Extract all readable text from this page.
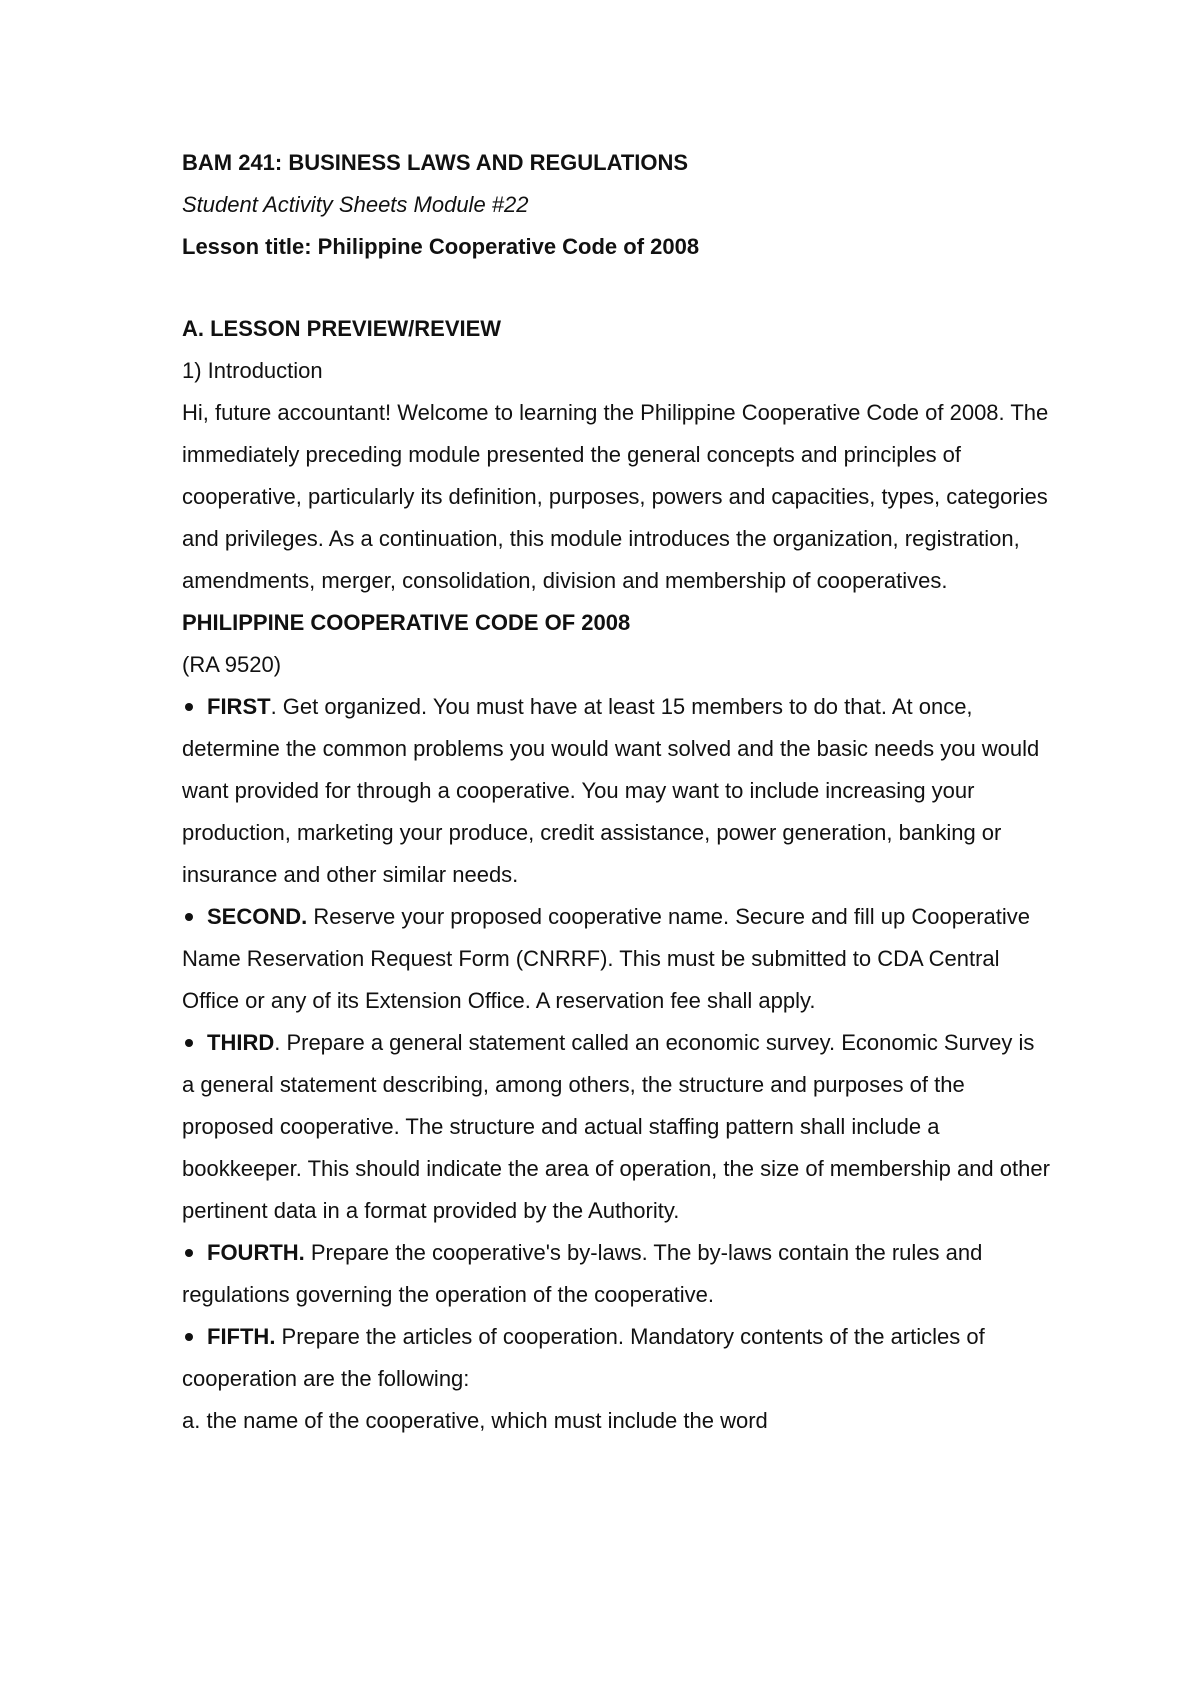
BAM 241: BUSINESS LAWS AND REGULATIONS

Student Activity Sheets Module #22

Lesson title: Philippine Cooperative Code of 2008

A. LESSON PREVIEW/REVIEW

1) Introduction

Hi, future accountant! Welcome to learning the Philippine Cooperative Code of 2008. The immediately preceding module presented the general concepts and principles of cooperative, particularly its definition, purposes, powers and capacities, types, categories and privileges. As a continuation, this module introduces the organization, registration, amendments, merger, consolidation, division and membership of cooperatives.

PHILIPPINE COOPERATIVE CODE OF 2008

(RA 9520)

FIRST. Get organized. You must have at least 15 members to do that. At once, determine the common problems you would want solved and the basic needs you would want provided for through a cooperative. You may want to include increasing your production, marketing your produce, credit assistance, power generation, banking or insurance and other similar needs.

SECOND. Reserve your proposed cooperative name. Secure and fill up Cooperative Name Reservation Request Form (CNRRF). This must be submitted to CDA Central Office or any of its Extension Office. A reservation fee shall apply.

THIRD. Prepare a general statement called an economic survey. Economic Survey is a general statement describing, among others, the structure and purposes of the proposed cooperative. The structure and actual staffing pattern shall include a bookkeeper. This should indicate the area of operation, the size of membership and other pertinent data in a format provided by the Authority.

FOURTH. Prepare the cooperative's by-laws. The by-laws contain the rules and regulations governing the operation of the cooperative.

FIFTH. Prepare the articles of cooperation. Mandatory contents of the articles of cooperation are the following:

a. the name of the cooperative, which must include the word
